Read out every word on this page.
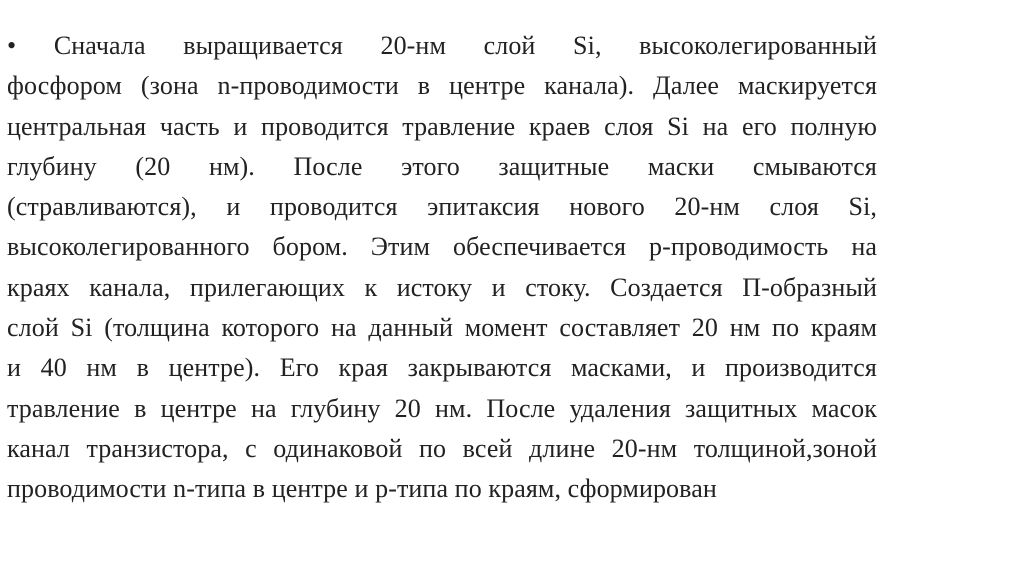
• Сначала выращивается 20-нм слой Si, высоколегированный
фосфором (зона n-проводимости в центре канала). Далее маскируется
центральная часть и проводится травление краев слоя Si на его полную
глубину (20 нм). После этого защитные маски смываются
(стравливаются), и проводится эпитаксия нового 20-нм слоя Si,
высоколегированного бором. Этим обеспечивается p-проводимость на
краях канала, прилегающих к истоку и стоку. Создается П-образный
слой Si (толщина которого на данный момент составляет 20 нм по краям
и 40 нм в центре). Его края закрываются масками, и производится
травление в центре на глубину 20 нм. После удаления защитных масок
канал транзистора, с одинаковой по всей длине 20-нм толщиной,зоной
проводимости n-типа в центре и p-типа по краям, сформирован
